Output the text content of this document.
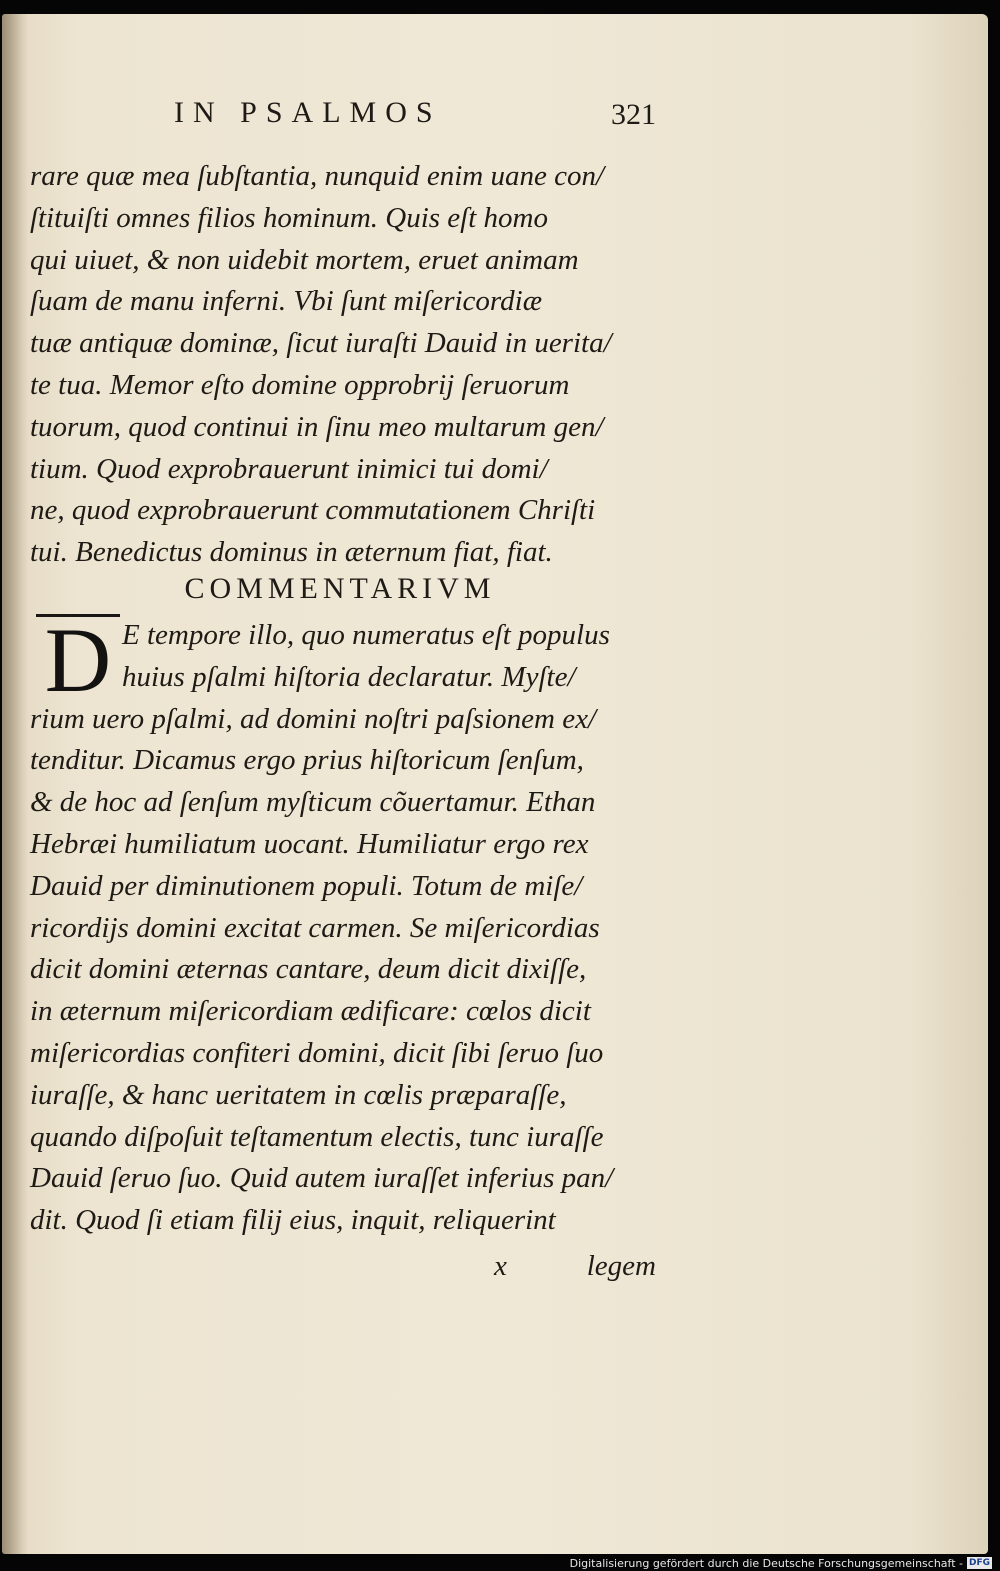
IN PSALMOS	321
rare quæ mea ſubſtantia, nunquid enim uane con/
ſtituiſti omnes filios hominum. Quis eſt homo
qui uiuet, & non uidebit mortem, eruet animam
ſuam de manu inferni. Vbi ſunt miſericordiæ
tuæ antiquæ dominæ, ſicut iuraſti Dauid in uerita/
te tua. Memor eſto domine opprobrij ſeruorum
tuorum, quod continui in ſinu meo multarum gen/
tium. Quod exprobrauerunt inimici tui domi/
ne, quod exprobrauerunt commutationem Chriſti
tui. Benedictus dominus in æternum fiat, fiat.
COMMENTARIVM
D E tempore illo, quo numeratus eſt populus
huius pſalmi hiſtoria declaratur. Myſte/
rium uero pſalmi, ad domini noſtri paſsionem ex/
tenditur. Dicamus ergo prius hiſtoricum ſenſum,
& de hoc ad ſenſum myſticum cõuertamur. Ethan
Hebræi humiliatum uocant. Humiliatur ergo rex
Dauid per diminutionem populi. Totum de miſe/
ricordijs domini excitat carmen. Se miſericordias
dicit domini æternas cantare, deum dicit dixiſſe,
in æternum miſericordiam ædificare: cœlos dicit
miſericordias confiteri domini, dicit ſibi ſeruo ſuo
iuraſſe, & hanc ueritatem in cœlis præparaſſe,
quando diſpoſuit teſtamentum electis, tunc iuraſſe
Dauid ſeruo ſuo. Quid autem iuraſſet inferius pan/
dit. Quod ſi etiam filij eius, inquit, reliquerint
x	legem
Digitalisierung gefördert durch die Deutsche Forschungsgemeinschaft - DFG
